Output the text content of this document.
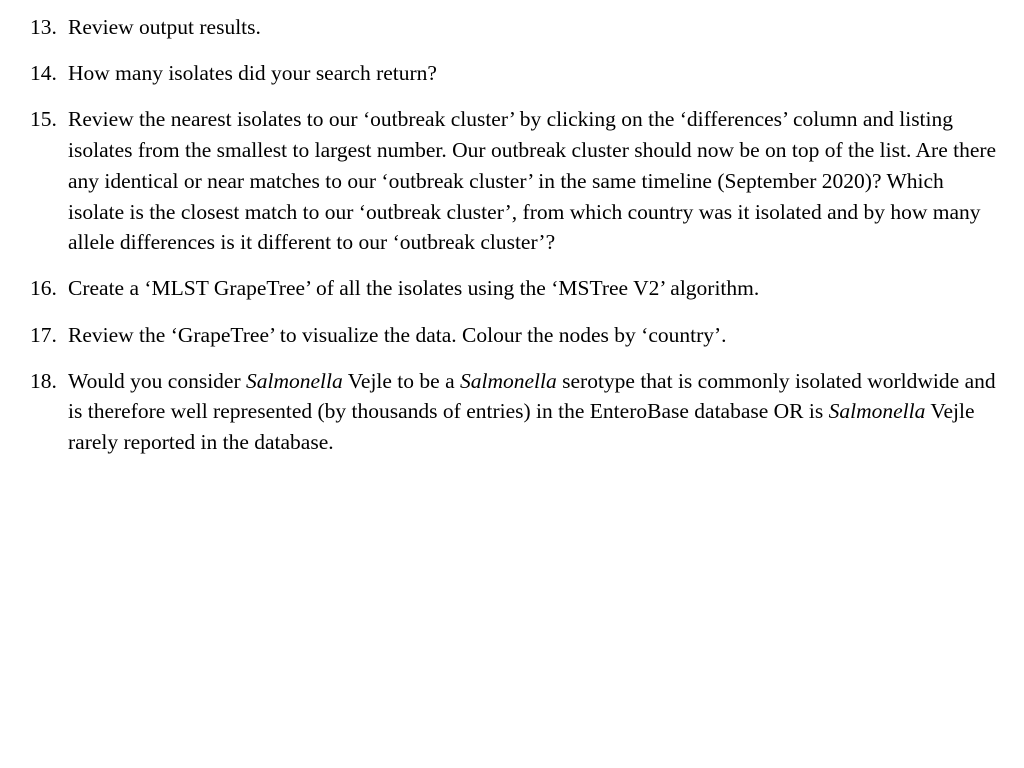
13. Review output results.
14. How many isolates did your search return?
15. Review the nearest isolates to our ‘outbreak cluster’ by clicking on the ‘differences’ column and listing isolates from the smallest to largest number. Our outbreak cluster should now be on top of the list. Are there any identical or near matches to our ‘outbreak cluster’ in the same timeline (September 2020)? Which isolate is the closest match to our ‘outbreak cluster’, from which country was it isolated and by how many allele differences is it different to our ‘outbreak cluster’?
16. Create a ‘MLST GrapeTree’ of all the isolates using the ‘MSTree V2’ algorithm.
17. Review the ‘GrapeTree’ to visualize the data. Colour the nodes by ‘country’.
18. Would you consider Salmonella Vejle to be a Salmonella serotype that is commonly isolated worldwide and is therefore well represented (by thousands of entries) in the EnteroBase database OR is Salmonella Vejle rarely reported in the database.
